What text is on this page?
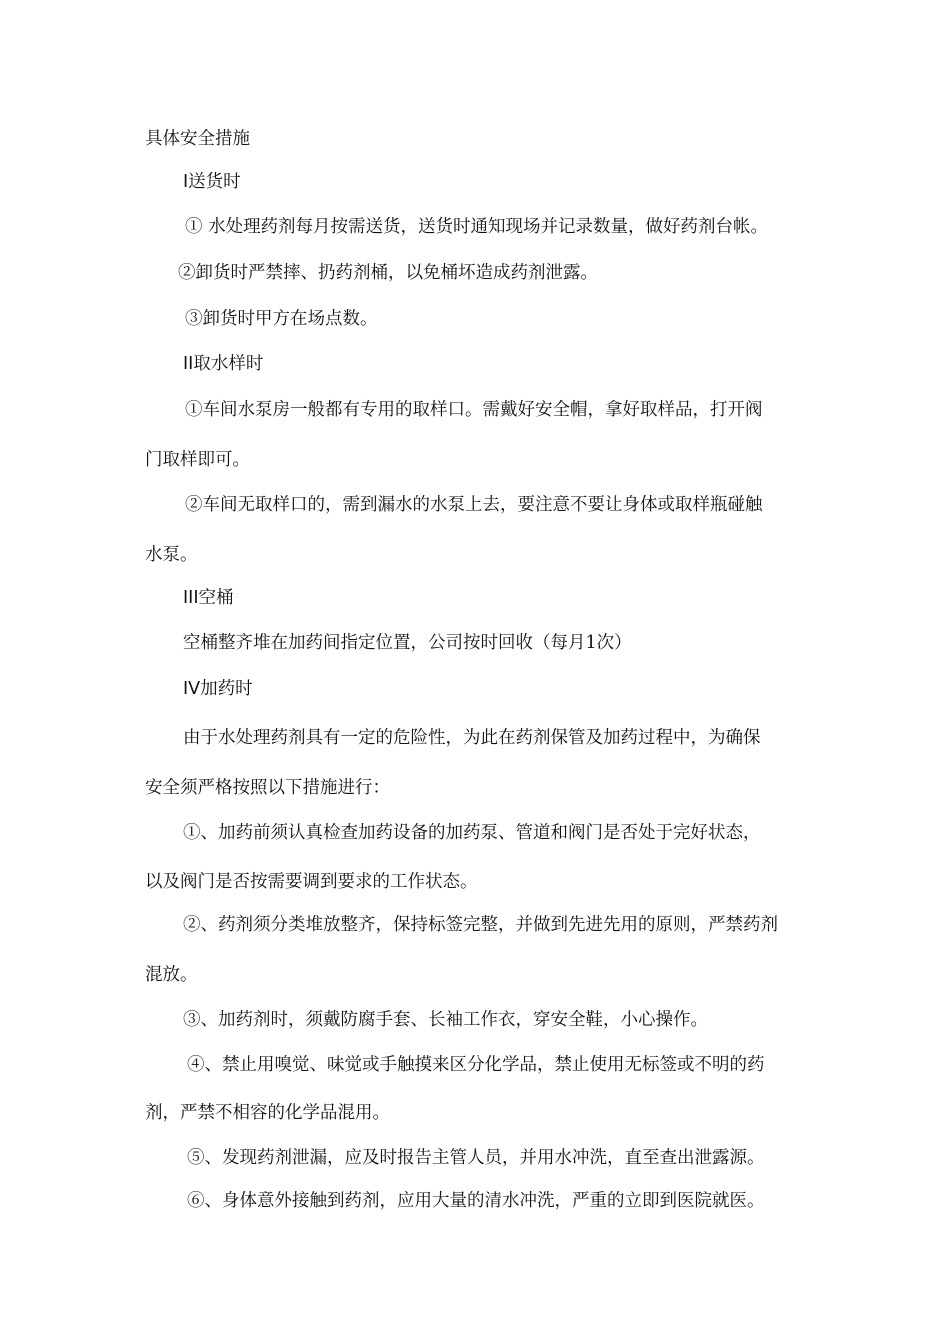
具体安全措施
I送货时
① 水处理药剂每月按需送货，送货时通知现场并记录数量，做好药剂台帐。
②卸货时严禁摔、扔药剂桶，以免桶坏造成药剂泄露。
③卸货时甲方在场点数。
II取水样时
①车间水泵房一般都有专用的取样口。需戴好安全帽，拿好取样品，打开阀
门取样即可。
②车间无取样口的，需到漏水的水泵上去，要注意不要让身体或取样瓶碰触
水泵。
III空桶
空桶整齐堆在加药间指定位置，公司按时回收（每月1次）
IV加药时
由于水处理药剂具有一定的危险性，为此在药剂保管及加药过程中，为确保
安全须严格按照以下措施进行：
①、加药前须认真检查加药设备的加药泵、管道和阀门是否处于完好状态，
以及阀门是否按需要调到要求的工作状态。
②、药剂须分类堆放整齐，保持标签完整，并做到先进先用的原则，严禁药剂
混放。
③、加药剂时，须戴防腐手套、长袖工作衣，穿安全鞋，小心操作。
④、禁止用嗅觉、味觉或手触摸来区分化学品，禁止使用无标签或不明的药
剂，严禁不相容的化学品混用。
⑤、发现药剂泄漏，应及时报告主管人员，并用水冲洗，直至查出泄露源。
⑥、身体意外接触到药剂，应用大量的清水冲洗，严重的立即到医院就医。
